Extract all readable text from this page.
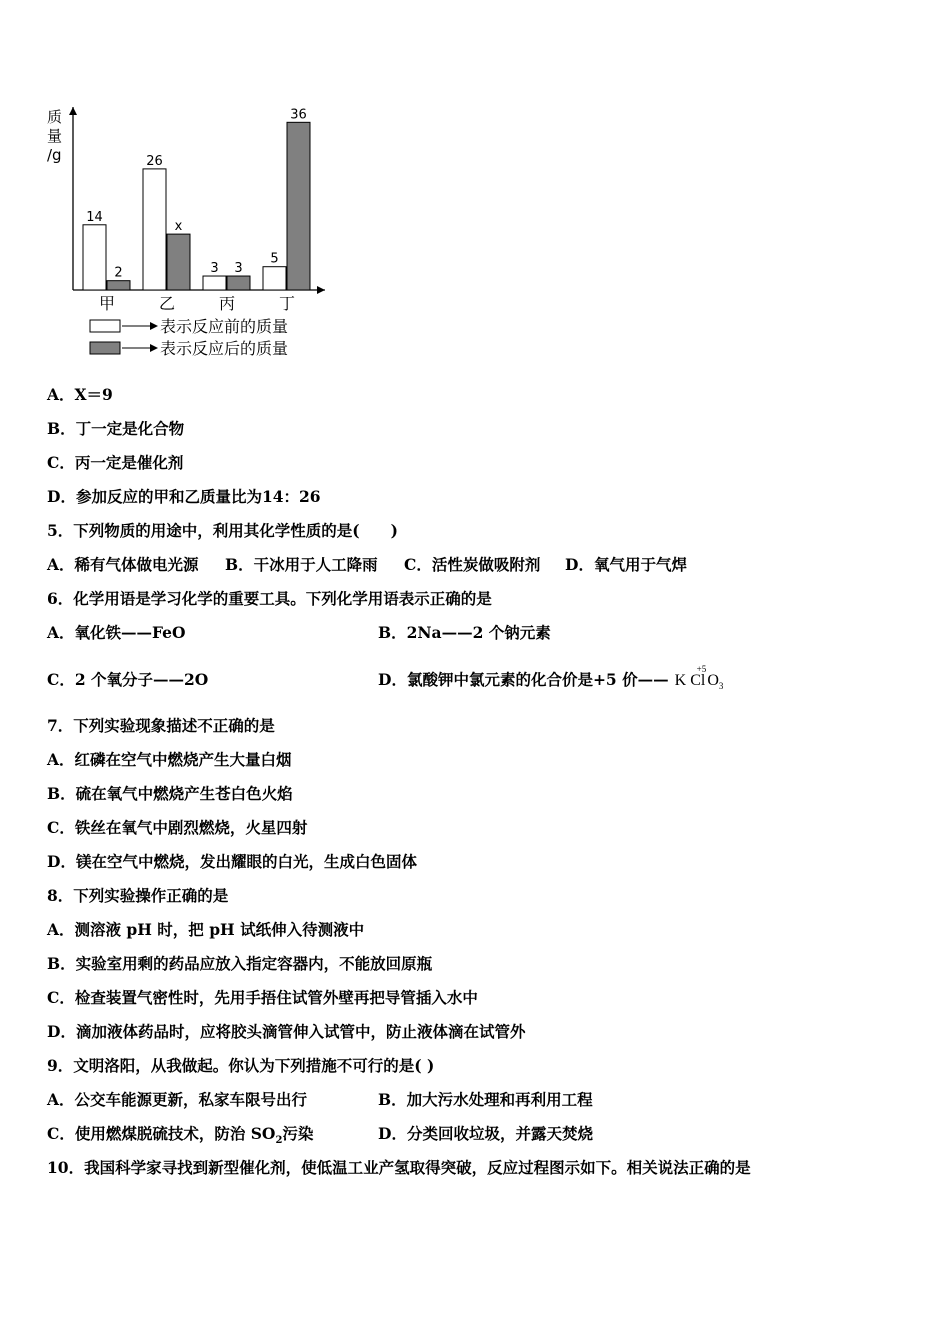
质
量
/g
14
2
甲
26
x
乙
3 3
丙
5
36
丁
表示反应前的质量
表示反应后的质量
A．X＝9
B．丁一定是化合物
C．丙一定是催化剂
D．参加反应的甲和乙质量比为14：26
5．下列物质的用途中，利用其化学性质的是(　　)
A．稀有气体做电光源 B．干冰用于人工降雨 C．活性炭做吸附剂 D．氧气用于气焊
6．化学用语是学习化学的重要工具。下列化学用语表示正确的是
A．氧化铁——FeO	B．2Na——2 个钠元素
C．2 个氧分子——2O	D．氯酸钾中氯元素的化合价是+5 价—— K Cl
+5
$O_3$
7．下列实验现象描述不正确的是
A．红磷在空气中燃烧产生大量白烟
B．硫在氧气中燃烧产生苍白色火焰
C．铁丝在氧气中剧烈燃烧，火星四射
D．镁在空气中燃烧，发出耀眼的白光，生成白色固体
8．下列实验操作正确的是
A．测溶液 pH 时，把 pH 试纸伸入待测液中
B．实验室用剩的药品应放入指定容器内，不能放回原瓶
C．检查装置气密性时，先用手捂住试管外壁再把导管插入水中
D．滴加液体药品时，应将胶头滴管伸入试管中，防止液体滴在试管外
9．文明洛阳，从我做起。你认为下列措施不可行的是( )
A．公交车能源更新，私家车限号出行	B．加大污水处理和再利用工程
C．使用燃煤脱硫技术，防治 $SO_2$污染	D．分类回收垃圾，并露天焚烧
10．我国科学家寻找到新型催化剂，使低温工业产氢取得突破，反应过程图示如下。相关说法正确的是
